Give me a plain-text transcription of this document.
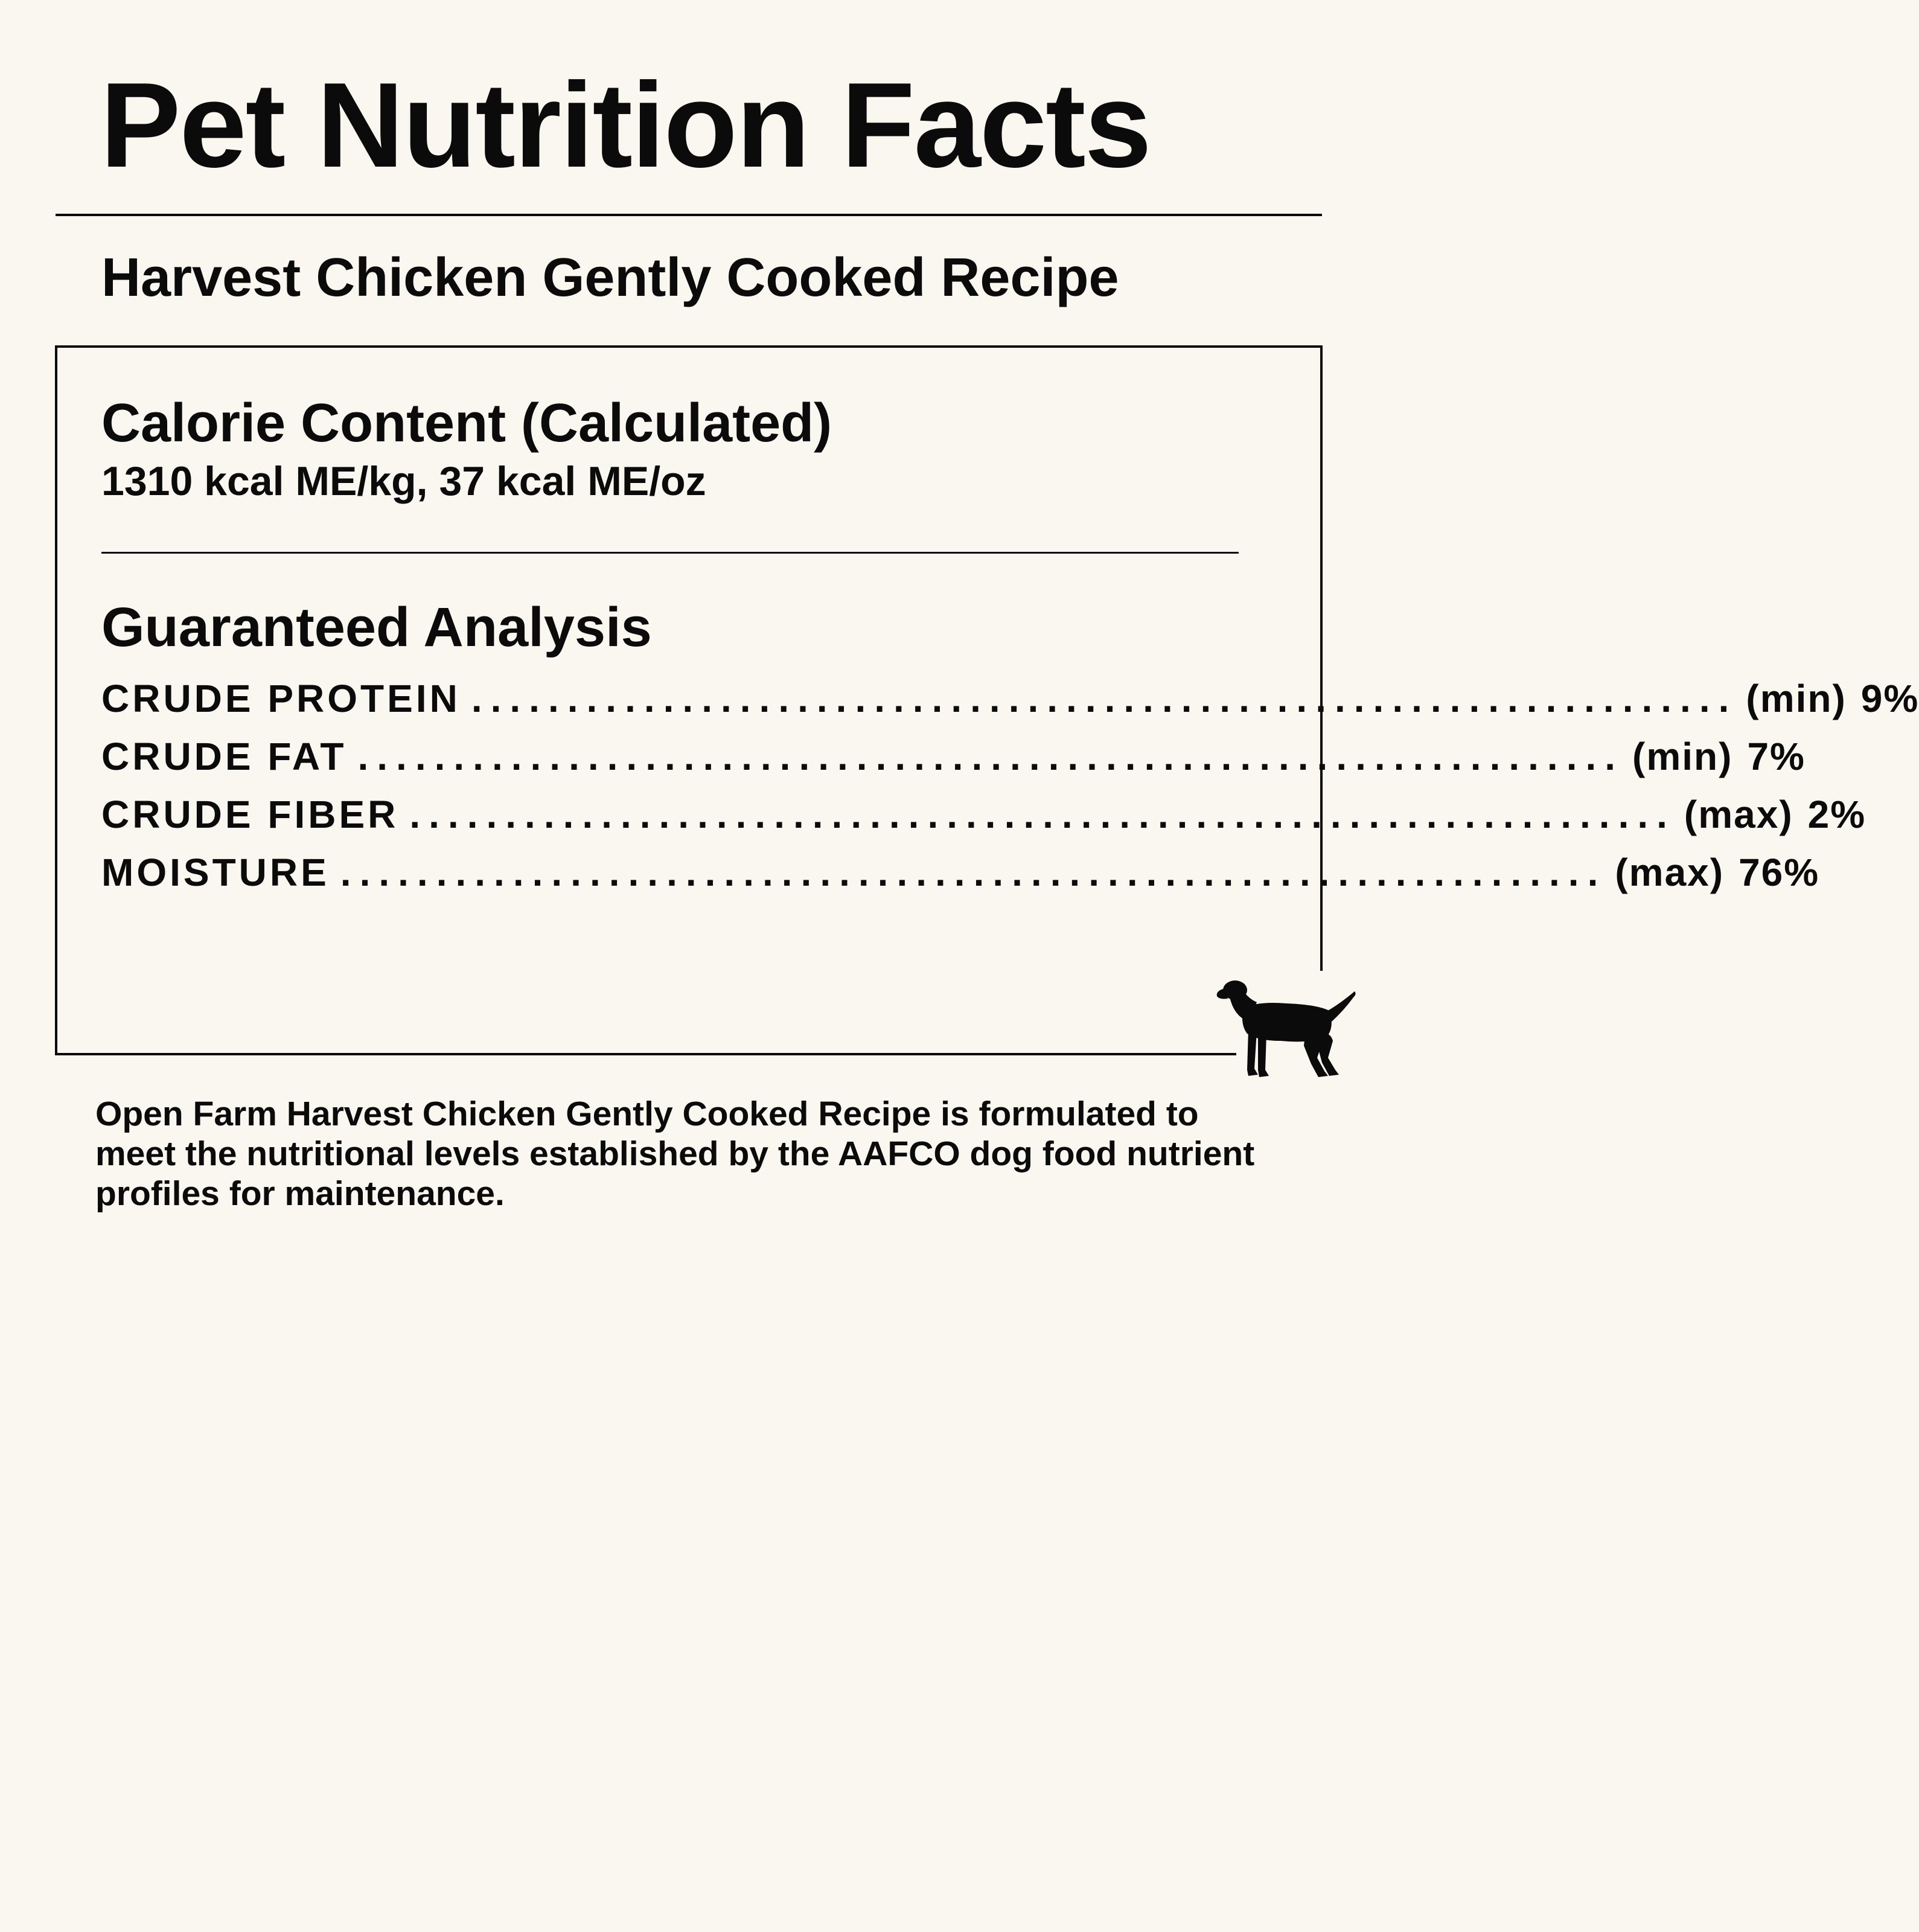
Pet Nutrition Facts
Harvest Chicken Gently Cooked Recipe
Calorie Content (Calculated)

1310 kcal ME/kg, 37 kcal ME/oz

Guaranteed Analysis
CRUDE PROTEIN .................................................................. (min) 9%
CRUDE FAT .................................................................. (min) 7%
CRUDE FIBER .................................................................. (max) 2%
MOISTURE .................................................................. (max) 76%

Open Farm Harvest Chicken Gently Cooked Recipe is formulated to meet the nutritional levels established by the AAFCO dog food nutrient profiles for maintenance.
